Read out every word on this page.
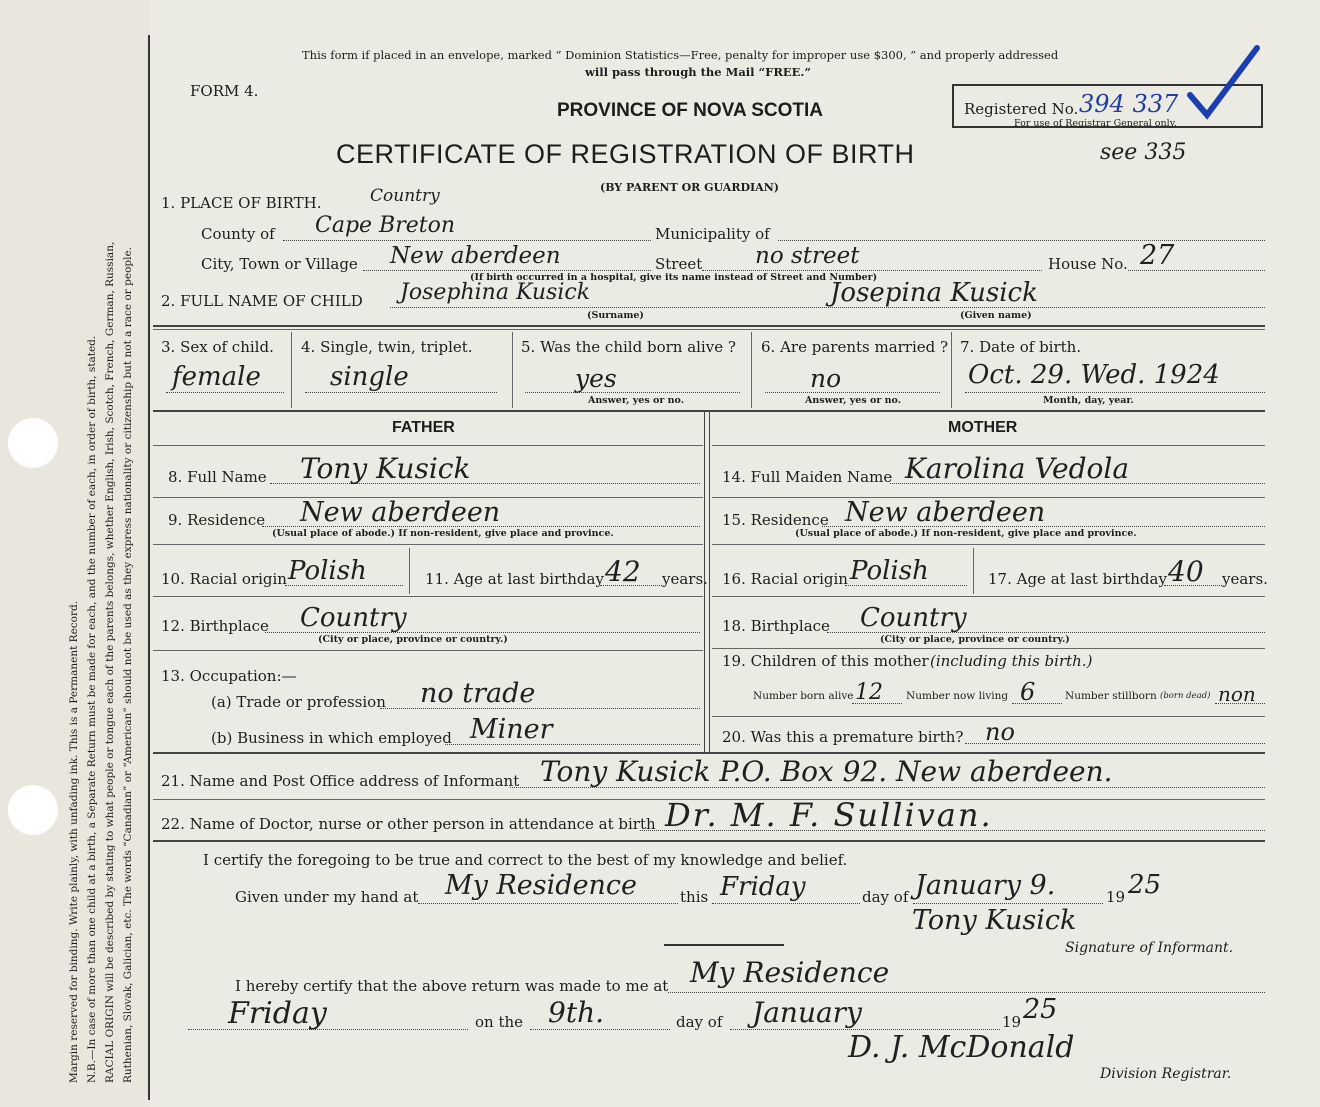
Margin reserved for binding. Write plainly, with unfading ink. This is a Permanent Record. N.B.—In case of more than one child at a birth, a Separate Return must be made for each, and the number of each, in order of birth, stated. RACIAL ORIGIN will be described by stating to what people or tongue each of the parents belongs, whether English, Irish, Scotch, French, German, Russian, Ruthenian, Slovak, Galician, etc. The words “Canadian” or “American” should not be used as they express nationality or citizenship but not a race or people.
This form if placed in an envelope, marked “ Dominion Statistics—Free, penalty for improper use $300, ” and properly addressed
will pass through the Mail “FREE.”
FORM 4.
PROVINCE OF NOVA SCOTIA
CERTIFICATE OF REGISTRATION OF BIRTH
(BY PARENT OR GUARDIAN)
Registered No. 394 337
For use of Registrar General only.
see 335
1. PLACE OF BIRTH.	Country
County of Cape Breton	Municipality of
City, Town or Village New aberdeen	Street no street	House No. 27
(If birth occurred in a hospital, give its name instead of Street and Number)
2. FULL NAME OF CHILD Josephina Kusick
(Surname)
Josepina Kusick
(Given name)
3. Sex of child.
female
4. Single, twin, triplet.
single
5. Was the child born alive ?
yes
Answer, yes or no.
6. Are parents married ?
no
Answer, yes or no.
7. Date of birth.
Oct. 29. Wed. 1924
Month, day, year.
FATHER	MOTHER
8. Full Name Tony Kusick	14. Full Maiden Name Karolina Vedola
9. Residence New aberdeen
(Usual place of abode.) If non-resident, give place and province.
15. Residence New aberdeen
(Usual place of abode.) If non-resident, give place and province.
10. Racial origin Polish	11. Age at last birthday 42 years. 16. Racial origin Polish	17. Age at last birthday 40 years.
12. Birthplace Country
(City or place, province or country.)
18. Birthplace Country
(City or place, province or country.)
13. Occupation:—
(a) Trade or profession no trade
(b) Business in which employed Miner
19. Children of this mother (including this birth.)
Number born alive 12 Number now living 6	Number stillborn (born dead) non
20. Was this a premature birth? no
21. Name and Post Office address of Informant Tony Kusick P.O. Box 92. New aberdeen.
22. Name of Doctor, nurse or other person in attendance at birth Dr. M. F. Sullivan.
I certify the foregoing to be true and correct to the best of my knowledge and belief.
Given under my hand at My Residence	this Friday	day of January 9.	19 25
Tony Kusick
Signature of Informant.
I hereby certify that the above return was made to me at My Residence
Friday	on the 9th.	day of January	19 25
D. J. McDonald
Division Registrar.
